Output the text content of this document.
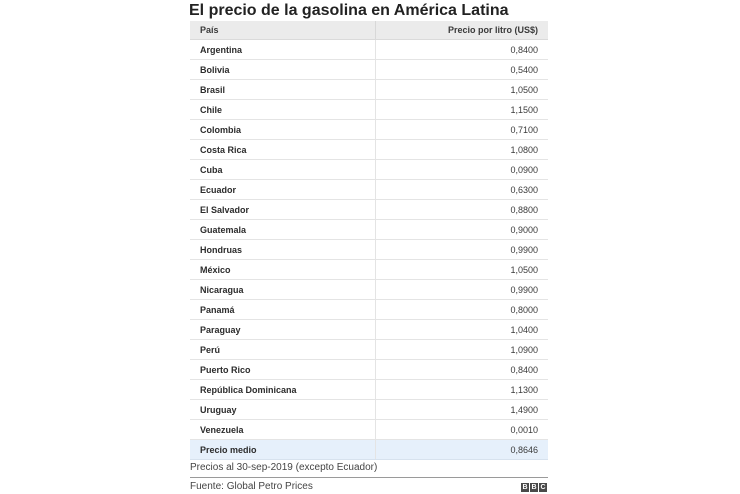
El precio de la gasolina en América Latina
País	Precio por litro (US$)
Argentina	0,8400
Bolivia	0,5400
Brasil	1,0500
Chile	1,1500
Colombia	0,7100
Costa Rica	1,0800
Cuba	0,0900
Ecuador	0,6300
El Salvador	0,8800
Guatemala	0,9000
Hondruas	0,9900
México	1,0500
Nicaragua	0,9900
Panamá	0,8000
Paraguay	1,0400
Perú	1,0900
Puerto Rico	0,8400
República Dominicana	1,1300
Uruguay	1,4900
Venezuela	0,0010
Precio medio	0,8646
Precios al 30-sep-2019 (excepto Ecuador)
Fuente: Global Petro Prices	B B C
